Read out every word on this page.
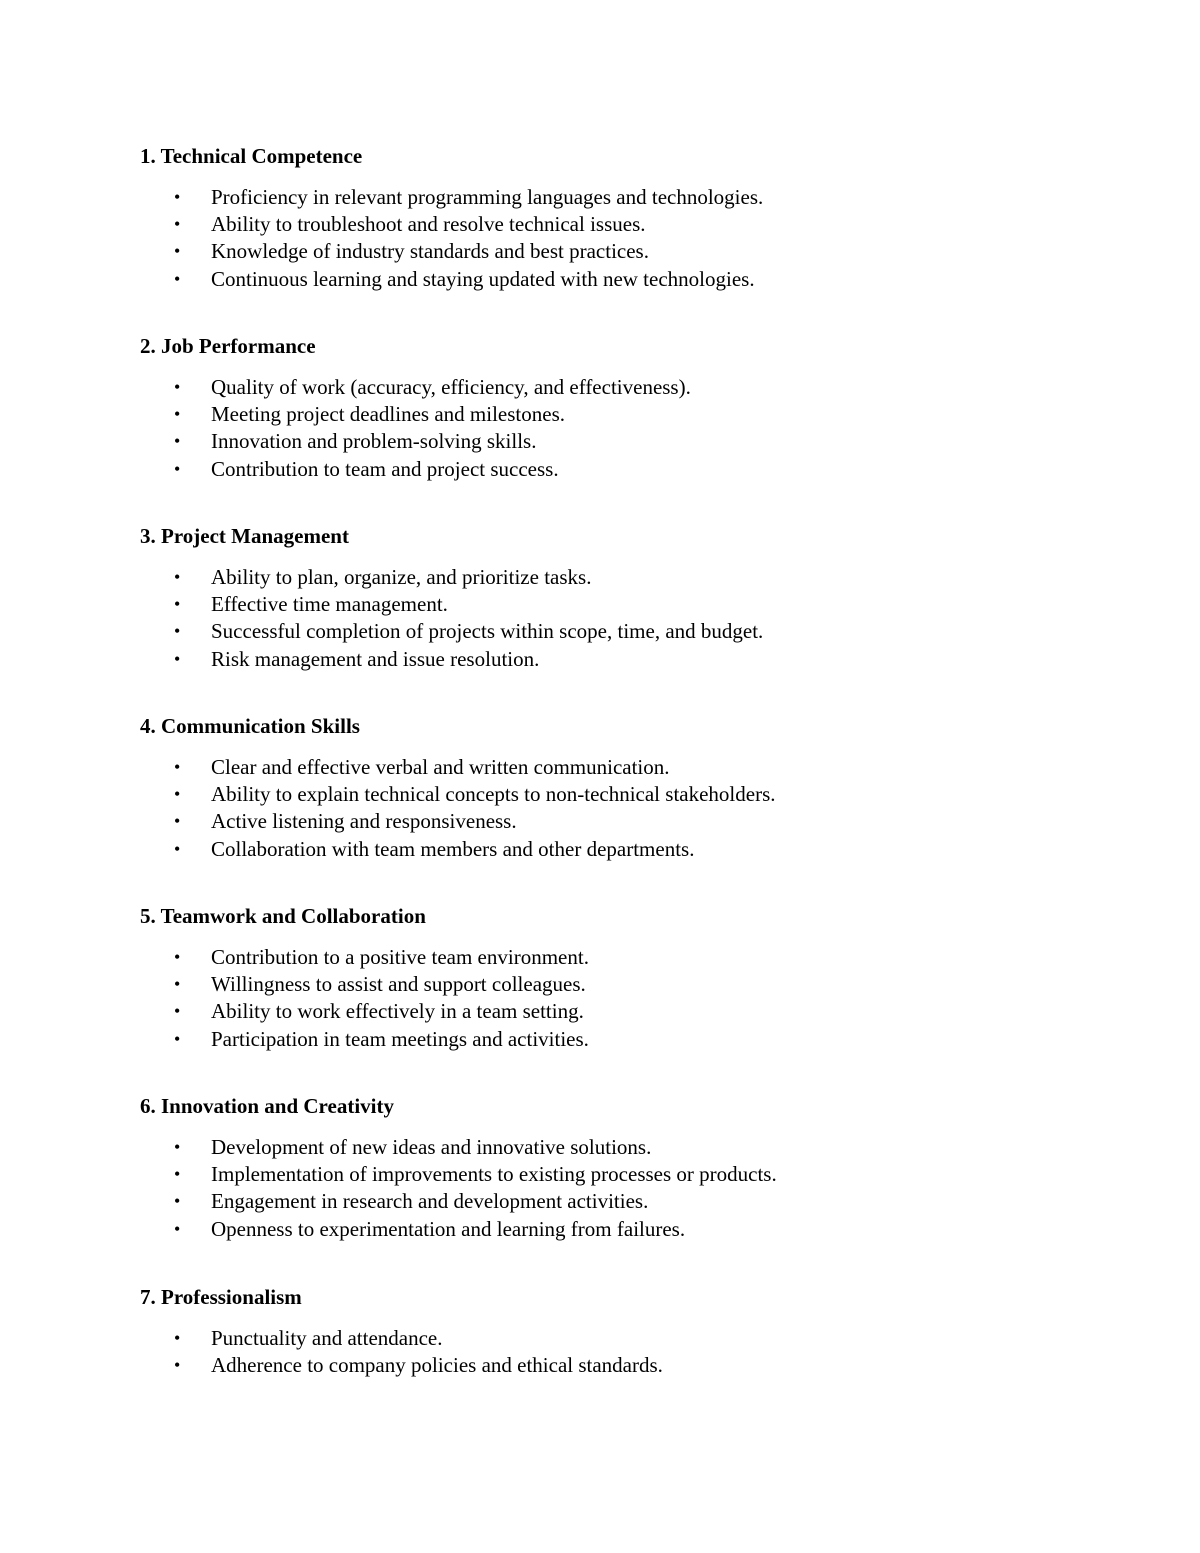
1. Technical Competence
• Proficiency in relevant programming languages and technologies.
• Ability to troubleshoot and resolve technical issues.
• Knowledge of industry standards and best practices.
• Continuous learning and staying updated with new technologies.
2. Job Performance
• Quality of work (accuracy, efficiency, and effectiveness).
• Meeting project deadlines and milestones.
• Innovation and problem-solving skills.
• Contribution to team and project success.
3. Project Management
• Ability to plan, organize, and prioritize tasks.
• Effective time management.
• Successful completion of projects within scope, time, and budget.
• Risk management and issue resolution.
4. Communication Skills
• Clear and effective verbal and written communication.
• Ability to explain technical concepts to non-technical stakeholders.
• Active listening and responsiveness.
• Collaboration with team members and other departments.
5. Teamwork and Collaboration
• Contribution to a positive team environment.
• Willingness to assist and support colleagues.
• Ability to work effectively in a team setting.
• Participation in team meetings and activities.
6. Innovation and Creativity
• Development of new ideas and innovative solutions.
• Implementation of improvements to existing processes or products.
• Engagement in research and development activities.
• Openness to experimentation and learning from failures.
7. Professionalism
• Punctuality and attendance.
• Adherence to company policies and ethical standards.
